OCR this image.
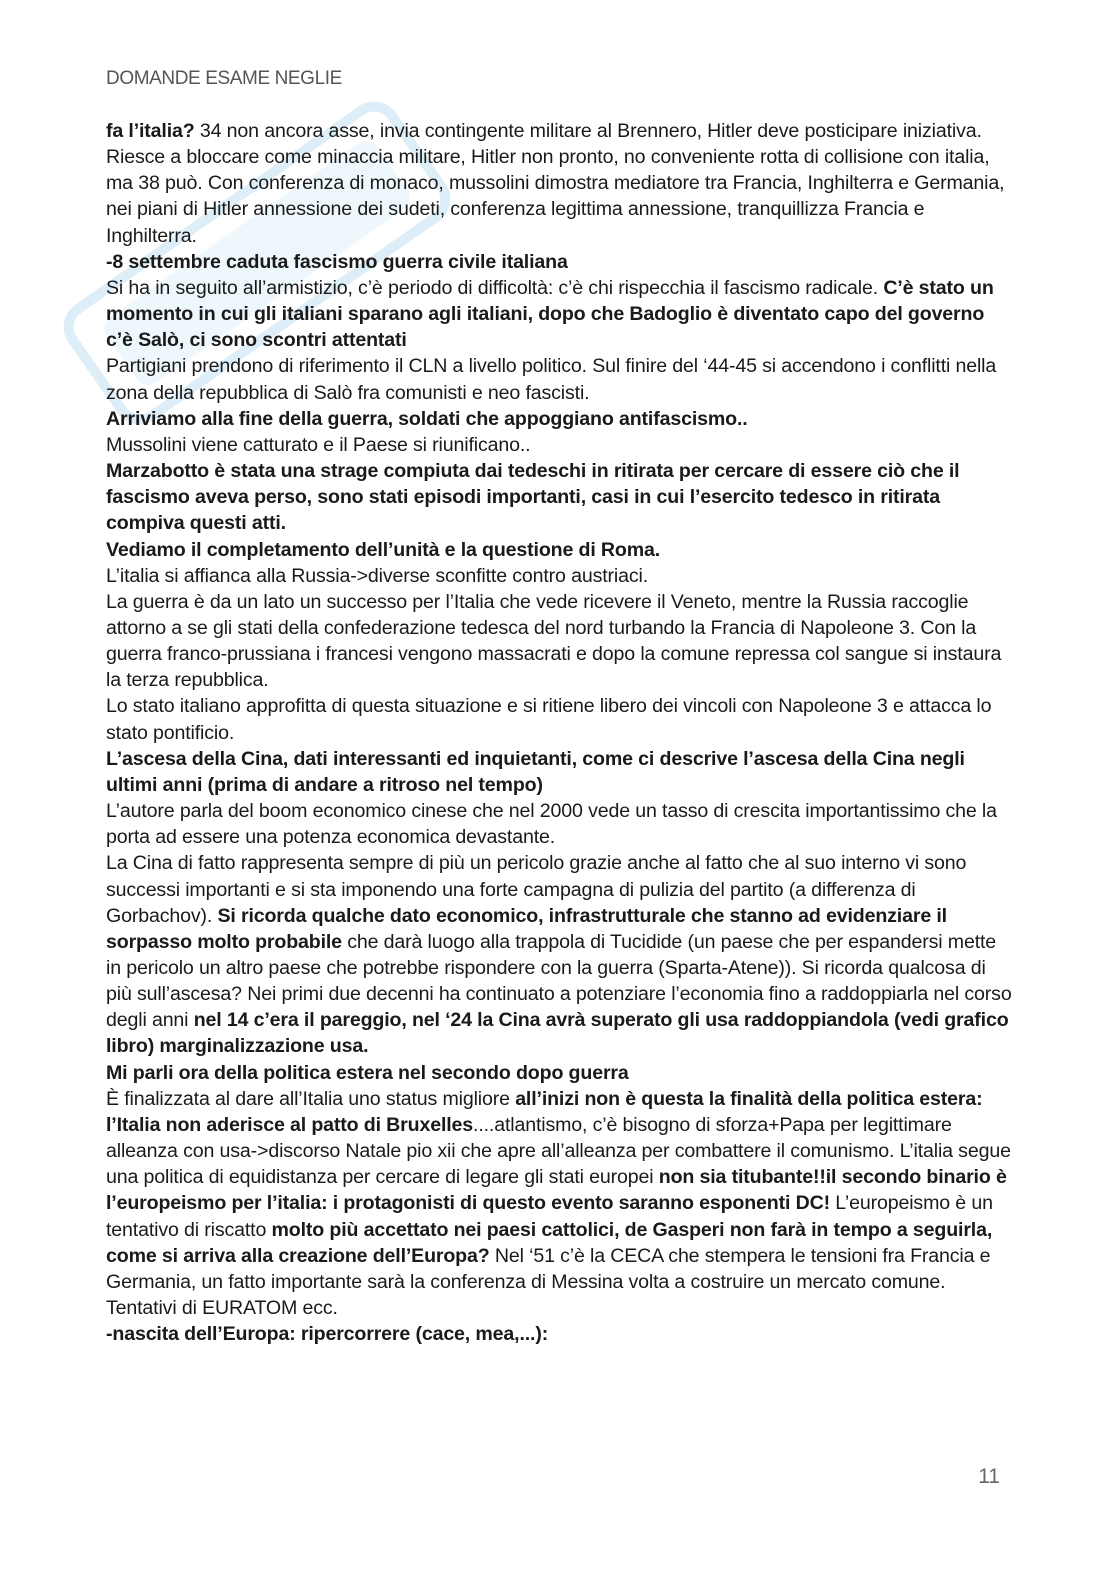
DOMANDE ESAME NEGLIE

fa l’italia? 34 non ancora asse, invia contingente militare al Brennero, Hitler deve posticipare iniziativa. Riesce a bloccare come minaccia militare, Hitler non pronto, no conveniente rotta di collisione con italia, ma 38 può. Con conferenza di monaco, mussolini dimostra mediatore tra Francia, Inghilterra e Germania, nei piani di Hitler annessione dei sudeti, conferenza legittima annessione, tranquillizza Francia e Inghilterra.

-8 settembre caduta fascismo guerra civile italiana

Si ha in seguito all’armistizio, c’è periodo di difficoltà: c’è chi rispecchia il fascismo radicale. C’è stato un momento in cui gli italiani sparano agli italiani, dopo che Badoglio è diventato capo del governo c’è Salò, ci sono scontri attentati

Partigiani prendono di riferimento il CLN a livello politico. Sul finire del ‘44-45 si accendono i conflitti nella zona della repubblica di Salò fra comunisti e neo fascisti.

Arriviamo alla fine della guerra, soldati che appoggiano antifascismo..

Mussolini viene catturato e il Paese si riunificano..

Marzabotto è stata una strage compiuta dai tedeschi in ritirata per cercare di essere ciò che il fascismo aveva perso, sono stati episodi importanti, casi in cui l’esercito tedesco in ritirata compiva questi atti.

Vediamo il completamento dell’unità e la questione di Roma.

L’italia si affianca alla Russia->diverse sconfitte contro austriaci.

La guerra è da un lato un successo per l’Italia che vede ricevere il Veneto, mentre la Russia raccoglie attorno a se gli stati della confederazione tedesca del nord turbando la Francia di Napoleone 3. Con la guerra franco-prussiana i francesi vengono massacrati e dopo la comune repressa col sangue si instaura la terza repubblica.

Lo stato italiano approfitta di questa situazione e si ritiene libero dei vincoli con Napoleone 3 e attacca lo stato pontificio.

L’ascesa della Cina, dati interessanti ed inquietanti, come ci descrive l’ascesa della Cina negli ultimi anni (prima di andare a ritroso nel tempo)

L’autore parla del boom economico cinese che nel 2000 vede un tasso di crescita importantissimo che la porta ad essere una potenza economica devastante.

La Cina di fatto rappresenta sempre di più un pericolo grazie anche al fatto che al suo interno vi sono successi importanti e si sta imponendo una forte campagna di pulizia del partito (a differenza di Gorbachov). Si ricorda qualche dato economico, infrastrutturale che stanno ad evidenziare il sorpasso molto probabile che darà luogo alla trappola di Tucidide (un paese che per espandersi mette in pericolo un altro paese che potrebbe rispondere con la guerra (Sparta-Atene)). Si ricorda qualcosa di più sull’ascesa? Nei primi due decenni ha continuato a potenziare l’economia fino a raddoppiarla nel corso degli anni nel 14 c’era il pareggio, nel ‘24 la Cina avrà superato gli usa raddoppiandola (vedi grafico libro) marginalizzazione usa.

Mi parli ora della politica estera nel secondo dopo guerra

È finalizzata al dare all’Italia uno status migliore all’inizi non è questa la finalità della politica estera: l’Italia non aderisce al patto di Bruxelles....atlantismo, c’è bisogno di sforza+Papa per legittimare alleanza con usa->discorso Natale pio xii che apre all’alleanza per combattere il comunismo. L’italia segue una politica di equidistanza per cercare di legare gli stati europei non sia titubante!!il secondo binario è l’europeismo per l’italia: i protagonisti di questo evento saranno esponenti DC! L’europeismo è un tentativo di riscatto molto più accettato nei paesi cattolici, de Gasperi non farà in tempo a seguirla, come si arriva alla creazione dell’Europa? Nel ‘51 c’è la CECA che stempera le tensioni fra Francia e Germania, un fatto importante sarà la conferenza di Messina volta a costruire un mercato comune. Tentativi di EURATOM ecc.

-nascita dell’Europa: ripercorrere (cace, mea,...):

11
